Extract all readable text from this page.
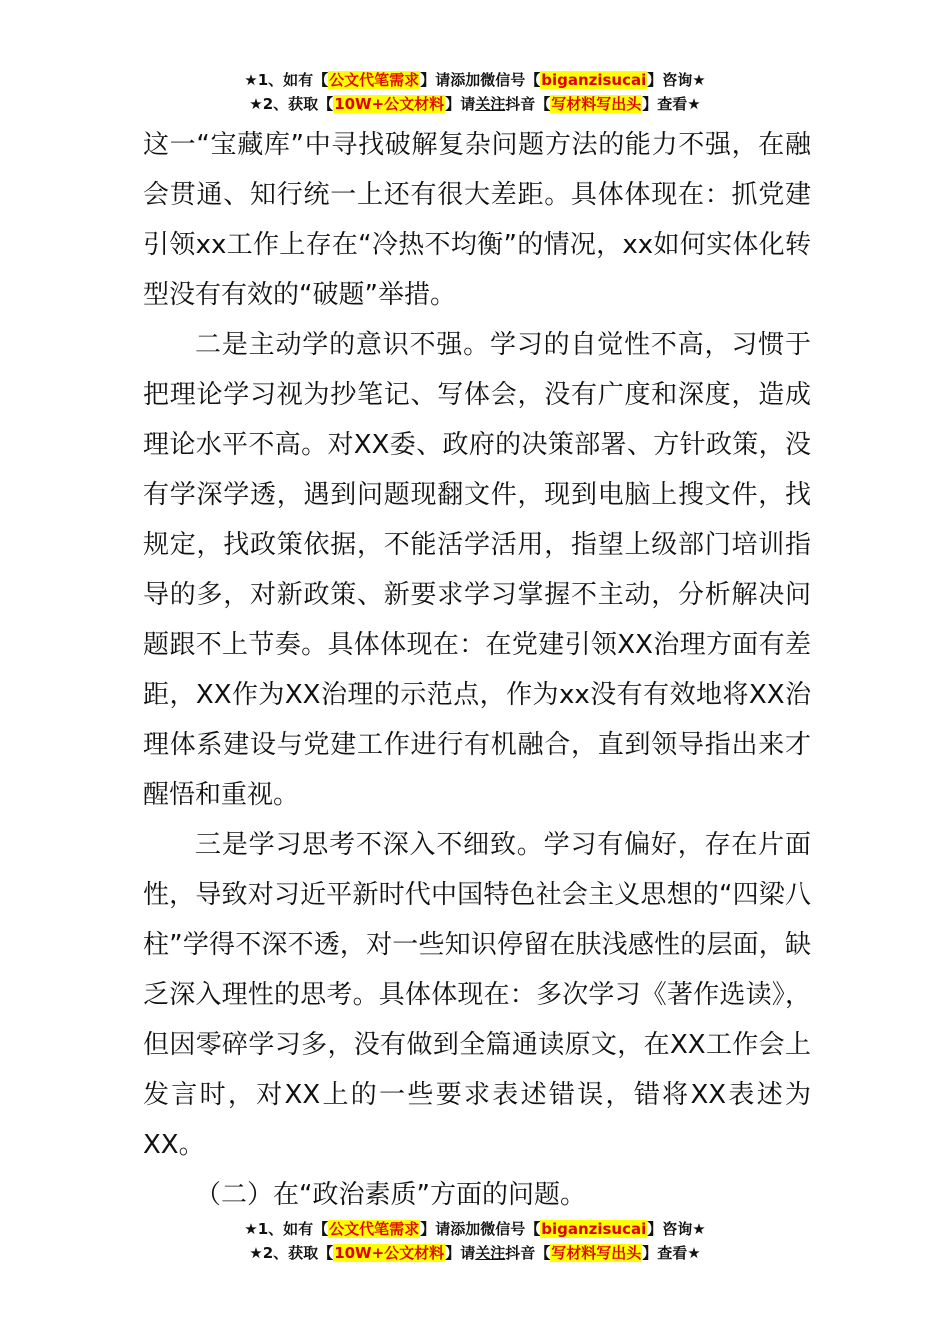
★1、如有【公文代笔需求】请添加微信号【biganzisucai】咨询★
★2、获取【10W+公文材料】请关注抖音【写材料写出头】查看★

这一“宝藏库”中寻找破解复杂问题方法的能力不强，在融会贯通、知行统一上还有很大差距。具体体现在：抓党建引领xx工作上存在“冷热不均衡”的情况，xx如何实体化转型没有有效的“破题”举措。

二是主动学的意识不强。学习的自觉性不高，习惯于把理论学习视为抄笔记、写体会，没有广度和深度，造成理论水平不高。对XX委、政府的决策部署、方针政策，没有学深学透，遇到问题现翻文件，现到电脑上搜文件，找规定，找政策依据，不能活学活用，指望上级部门培训指导的多，对新政策、新要求学习掌握不主动，分析解决问题跟不上节奏。具体体现在：在党建引领XX治理方面有差距，XX作为XX治理的示范点，作为xx没有有效地将XX治理体系建设与党建工作进行有机融合，直到领导指出来才醒悟和重视。

三是学习思考不深入不细致。学习有偏好，存在片面性，导致对习近平新时代中国特色社会主义思想的“四梁八柱”学得不深不透，对一些知识停留在肤浅感性的层面，缺乏深入理性的思考。具体体现在：多次学习《著作选读》，但因零碎学习多，没有做到全篇通读原文，在XX工作会上发言时，对XX上的一些要求表述错误，错将XX表述为XX。

（二）在“政治素质”方面的问题。

★1、如有【公文代笔需求】请添加微信号【biganzisucai】咨询★
★2、获取【10W+公文材料】请关注抖音【写材料写出头】查看★
